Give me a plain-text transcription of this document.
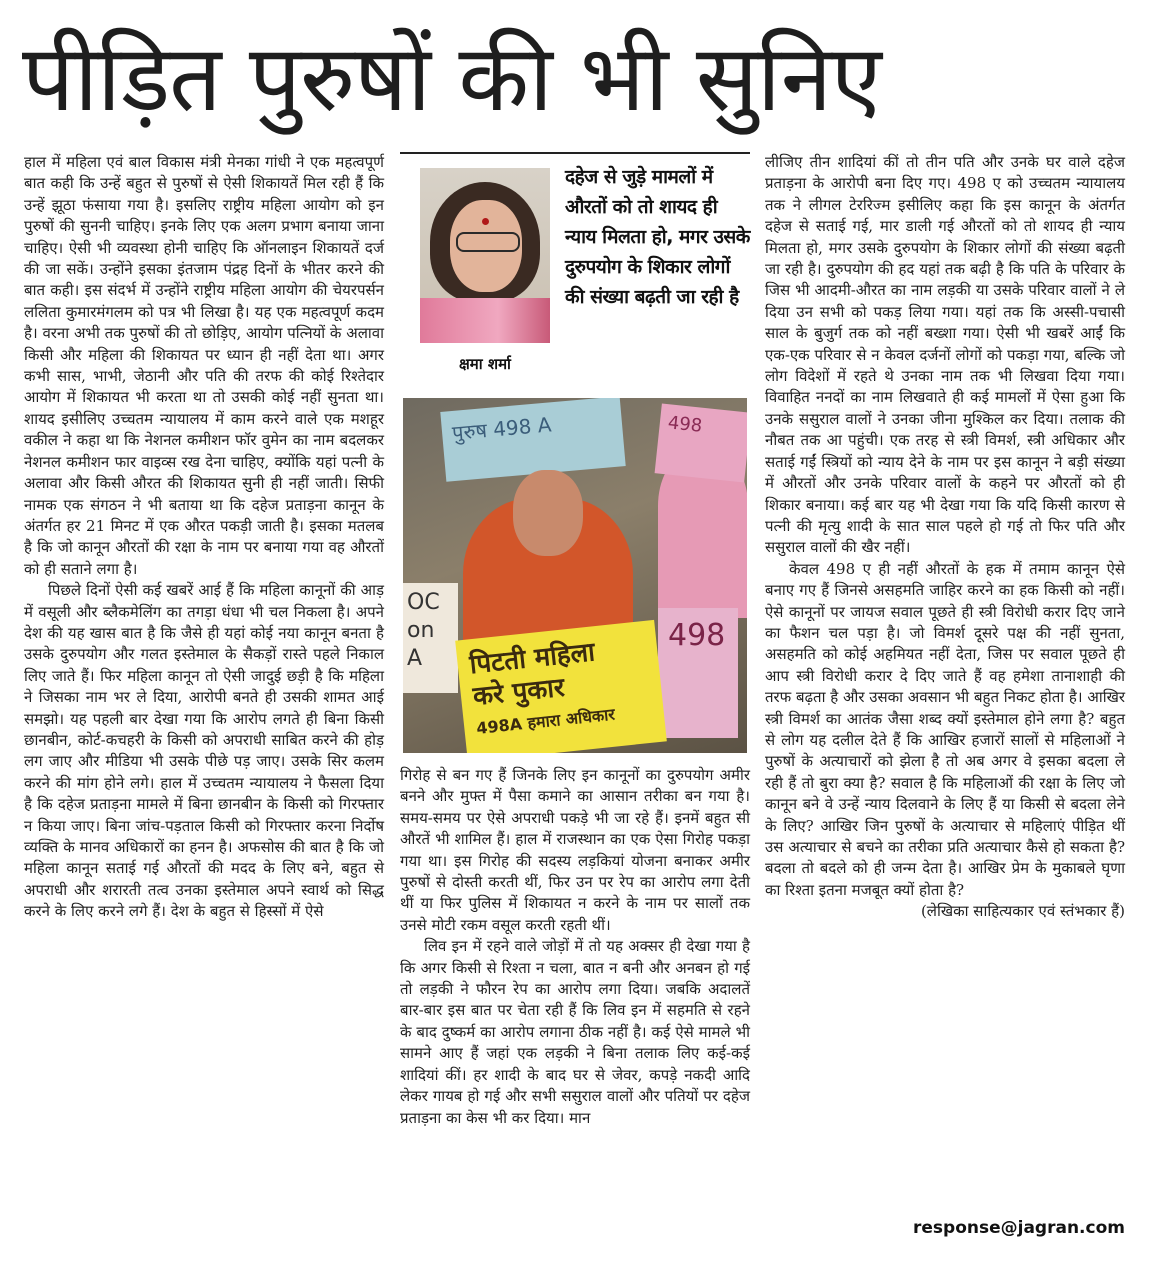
पीड़ित पुरुषों की भी सुनिए

हाल में महिला एवं बाल विकास मंत्री मेनका गांधी ने एक महत्वपूर्ण बात कही कि उन्हें बहुत से पुरुषों से ऐसी शिकायतें मिल रही हैं कि उन्हें झूठा फंसाया गया है। इसलिए राष्ट्रीय महिला आयोग को इन पुरुषों की सुननी चाहिए। इनके लिए एक अलग प्रभाग बनाया जाना चाहिए। ऐसी भी व्यवस्था होनी चाहिए कि ऑनलाइन शिकायतें दर्ज की जा सकें। उन्होंने इसका इंतजाम पंद्रह दिनों के भीतर करने की बात कही। इस संदर्भ में उन्होंने राष्ट्रीय महिला आयोग की चेयरपर्सन ललिता कुमारमंगलम को पत्र भी लिखा है। यह एक महत्वपूर्ण कदम है। वरना अभी तक पुरुषों की तो छोड़िए, आयोग पत्नियों के अलावा किसी और महिला की शिकायत पर ध्यान ही नहीं देता था। अगर कभी सास, भाभी, जेठानी और पति की तरफ की कोई रिश्तेदार आयोग में शिकायत भी करता था तो उसकी कोई नहीं सुनता था। शायद इसीलिए उच्चतम न्यायालय में काम करने वाले एक मशहूर वकील ने कहा था कि नेशनल कमीशन फॉर वुमेन का नाम बदलकर नेशनल कमीशन फार वाइव्स रख देना चाहिए, क्योंकि यहां पत्नी के अलावा और किसी औरत की शिकायत सुनी ही नहीं जाती। सिफी नामक एक संगठन ने भी बताया था कि दहेज प्रताड़ना कानून के अंतर्गत हर 21 मिनट में एक औरत पकड़ी जाती है। इसका मतलब है कि जो कानून औरतों की रक्षा के नाम पर बनाया गया वह औरतों को ही सताने लगा है।

पिछले दिनों ऐसी कई खबरें आई हैं कि महिला कानूनों की आड़ में वसूली और ब्लैकमेलिंग का तगड़ा धंधा भी चल निकला है। अपने देश की यह खास बात है कि जैसे ही यहां कोई नया कानून बनता है उसके दुरुपयोग और गलत इस्तेमाल के सैकड़ों रास्ते पहले निकाल लिए जाते हैं। फिर महिला कानून तो ऐसी जादुई छड़ी है कि महिला ने जिसका नाम भर ले दिया, आरोपी बनते ही उसकी शामत आई समझो। यह पहली बार देखा गया कि आरोप लगते ही बिना किसी छानबीन, कोर्ट-कचहरी के किसी को अपराधी साबित करने की होड़ लग जाए और मीडिया भी उसके पीछे पड़ जाए। उसके सिर कलम करने की मांग होने लगे। हाल में उच्चतम न्यायालय ने फैसला दिया है कि दहेज प्रताड़ना मामले में बिना छानबीन के किसी को गिरफ्तार न किया जाए। बिना जांच-पड़ताल किसी को गिरफ्तार करना निर्दोष व्यक्ति के मानव अधिकारों का हनन है। अफसोस की बात है कि जो महिला कानून सताई गई औरतों की मदद के लिए बने, बहुत से अपराधी और शरारती तत्व उनका इस्तेमाल अपने स्वार्थ को सिद्ध करने के लिए करने लगे हैं। देश के बहुत से हिस्सों में ऐसे

क्षमा शर्मा
दहेज से जुड़े मामलों में औरतों को तो शायद ही न्याय मिलता हो, मगर उसके दुरुपयोग के शिकार लोगों की संख्या बढ़ती जा रही है
पुरुष 498 A	498
498
OC on A	पिटती महिला
करे पुकार
498A हमारा अधिकार

गिरोह से बन गए हैं जिनके लिए इन कानूनों का दुरुपयोग अमीर बनने और मुफ्त में पैसा कमाने का आसान तरीका बन गया है। समय-समय पर ऐसे अपराधी पकड़े भी जा रहे हैं। इनमें बहुत सी औरतें भी शामिल हैं। हाल में राजस्थान का एक ऐसा गिरोह पकड़ा गया था। इस गिरोह की सदस्य लड़कियां योजना बनाकर अमीर पुरुषों से दोस्ती करती थीं, फिर उन पर रेप का आरोप लगा देती थीं या फिर पुलिस में शिकायत न करने के नाम पर सालों तक उनसे मोटी रकम वसूल करती रहती थीं।

लिव इन में रहने वाले जोड़ों में तो यह अक्सर ही देखा गया है कि अगर किसी से रिश्ता न चला, बात न बनी और अनबन हो गई तो लड़की ने फौरन रेप का आरोप लगा दिया। जबकि अदालतें बार-बार इस बात पर चेता रही हैं कि लिव इन में सहमति से रहने के बाद दुष्कर्म का आरोप लगाना ठीक नहीं है। कई ऐसे मामले भी सामने आए हैं जहां एक लड़की ने बिना तलाक लिए कई-कई शादियां कीं। हर शादी के बाद घर से जेवर, कपड़े नकदी आदि लेकर गायब हो गई और सभी ससुराल वालों और पतियों पर दहेज प्रताड़ना का केस भी कर दिया। मान

लीजिए तीन शादियां कीं तो तीन पति और उनके घर वाले दहेज प्रताड़ना के आरोपी बना दिए गए। 498 ए को उच्चतम न्यायालय तक ने लीगल टेररिज्म इसीलिए कहा कि इस कानून के अंतर्गत दहेज से सताई गई, मार डाली गई औरतों को तो शायद ही न्याय मिलता हो, मगर उसके दुरुपयोग के शिकार लोगों की संख्या बढ़ती जा रही है। दुरुपयोग की हद यहां तक बढ़ी है कि पति के परिवार के जिस भी आदमी-औरत का नाम लड़की या उसके परिवार वालों ने ले दिया उन सभी को पकड़ लिया गया। यहां तक कि अस्सी-पचासी साल के बुजुर्ग तक को नहीं बख्शा गया। ऐसी भी खबरें आईं कि एक-एक परिवार से न केवल दर्जनों लोगों को पकड़ा गया, बल्कि जो लोग विदेशों में रहते थे उनका नाम तक भी लिखवा दिया गया। विवाहित ननदों का नाम लिखवाते ही कई मामलों में ऐसा हुआ कि उनके ससुराल वालों ने उनका जीना मुश्किल कर दिया। तलाक की नौबत तक आ पहुंची। एक तरह से स्त्री विमर्श, स्त्री अधिकार और सताई गईं स्त्रियों को न्याय देने के नाम पर इस कानून ने बड़ी संख्या में औरतों और उनके परिवार वालों के कहने पर औरतों को ही शिकार बनाया। कई बार यह भी देखा गया कि यदि किसी कारण से पत्नी की मृत्यु शादी के सात साल पहले हो गई तो फिर पति और ससुराल वालों की खैर नहीं।

केवल 498 ए ही नहीं औरतों के हक में तमाम कानून ऐसे बनाए गए हैं जिनसे असहमति जाहिर करने का हक किसी को नहीं। ऐसे कानूनों पर जायज सवाल पूछते ही स्त्री विरोधी करार दिए जाने का फैशन चल पड़ा है। जो विमर्श दूसरे पक्ष की नहीं सुनता, असहमति को कोई अहमियत नहीं देता, जिस पर सवाल पूछते ही आप स्त्री विरोधी करार दे दिए जाते हैं वह हमेशा तानाशाही की तरफ बढ़ता है और उसका अवसान भी बहुत निकट होता है। आखिर स्त्री विमर्श का आतंक जैसा शब्द क्यों इस्तेमाल होने लगा है? बहुत से लोग यह दलील देते हैं कि आखिर हजारों सालों से महिलाओं ने पुरुषों के अत्याचारों को झेला है तो अब अगर वे इसका बदला ले रही हैं तो बुरा क्या है? सवाल है कि महिलाओं की रक्षा के लिए जो कानून बने वे उन्हें न्याय दिलवाने के लिए हैं या किसी से बदला लेने के लिए? आखिर जिन पुरुषों के अत्याचार से महिलाएं पीड़ित थीं उस अत्याचार से बचने का तरीका प्रति अत्याचार कैसे हो सकता है? बदला तो बदले को ही जन्म देता है। आखिर प्रेम के मुकाबले घृणा का रिश्ता इतना मजबूत क्यों होता है?

(लेखिका साहित्यकार एवं स्तंभकार हैं)

response@jagran.com
